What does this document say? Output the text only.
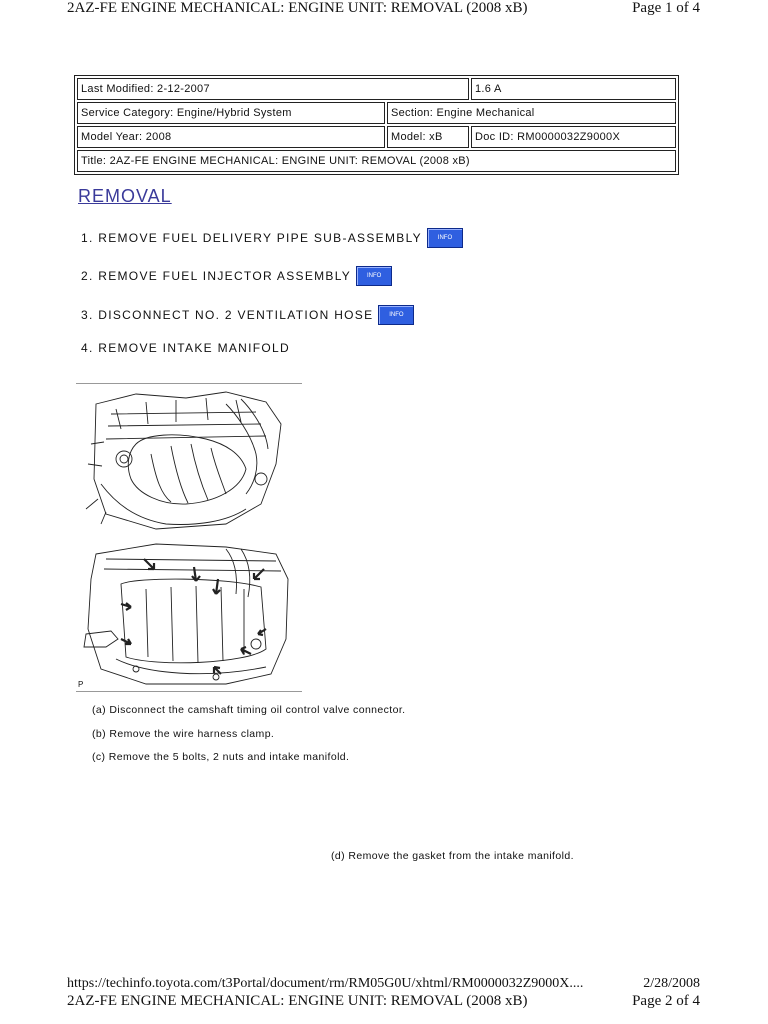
2AZ-FE ENGINE MECHANICAL: ENGINE UNIT: REMOVAL (2008 xB)	Page 1 of 4
Last Modified: 2-12-2007		1.6 A
Service Category: Engine/Hybrid System	Section: Engine Mechanical	
Model Year: 2008	Model: xB	Doc ID: RM0000032Z9000X
Title: 2AZ-FE ENGINE MECHANICAL: ENGINE UNIT: REMOVAL (2008 xB)		
REMOVAL
1. REMOVE FUEL DELIVERY PIPE SUB-ASSEMBLY	INFO
2. REMOVE FUEL INJECTOR ASSEMBLY	INFO
3. DISCONNECT NO. 2 VENTILATION HOSE	INFO
4. REMOVE INTAKE MANIFOLD
P
(a) Disconnect the camshaft timing oil control valve connector.
(b) Remove the wire harness clamp.
(c) Remove the 5 bolts, 2 nuts and intake manifold.
(d) Remove the gasket from the intake manifold.
https://techinfo.toyota.com/t3Portal/document/rm/RM05G0U/xhtml/RM0000032Z9000X....	2/28/2008
2AZ-FE ENGINE MECHANICAL: ENGINE UNIT: REMOVAL (2008 xB)	Page 2 of 4
